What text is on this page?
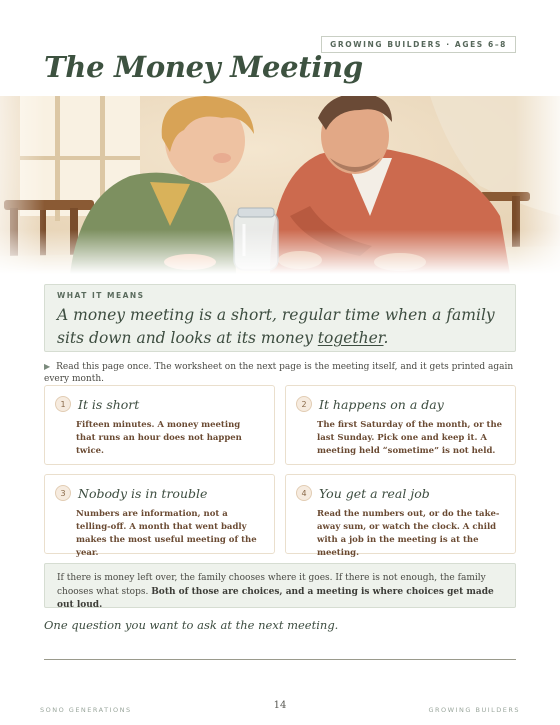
GROWING BUILDERS · AGES 6–8
The Money Meeting
WHAT IT MEANS
A money meeting is a short, regular time when a family sits down and looks at its money together.
▶ Read this page once. The worksheet on the next page is the meeting itself, and it gets printed again every month.
1 It is short
Fifteen minutes. A money meeting that runs an hour does not happen twice.
2 It happens on a day
The first Saturday of the month, or the last Sunday. Pick one and keep it. A meeting held “sometime” is not held.
3 Nobody is in trouble
Numbers are information, not a telling-off. A month that went badly makes the most useful meeting of the year.
4 You get a real job
Read the numbers out, or do the take-away sum, or watch the clock. A child with a job in the meeting is at the meeting.
If there is money left over, the family chooses where it goes. If there is not enough, the family chooses what stops. Both of those are choices, and a meeting is where choices get made out loud.
One question you want to ask at the next meeting.
SONO GENERATIONS	14	GROWING BUILDERS
